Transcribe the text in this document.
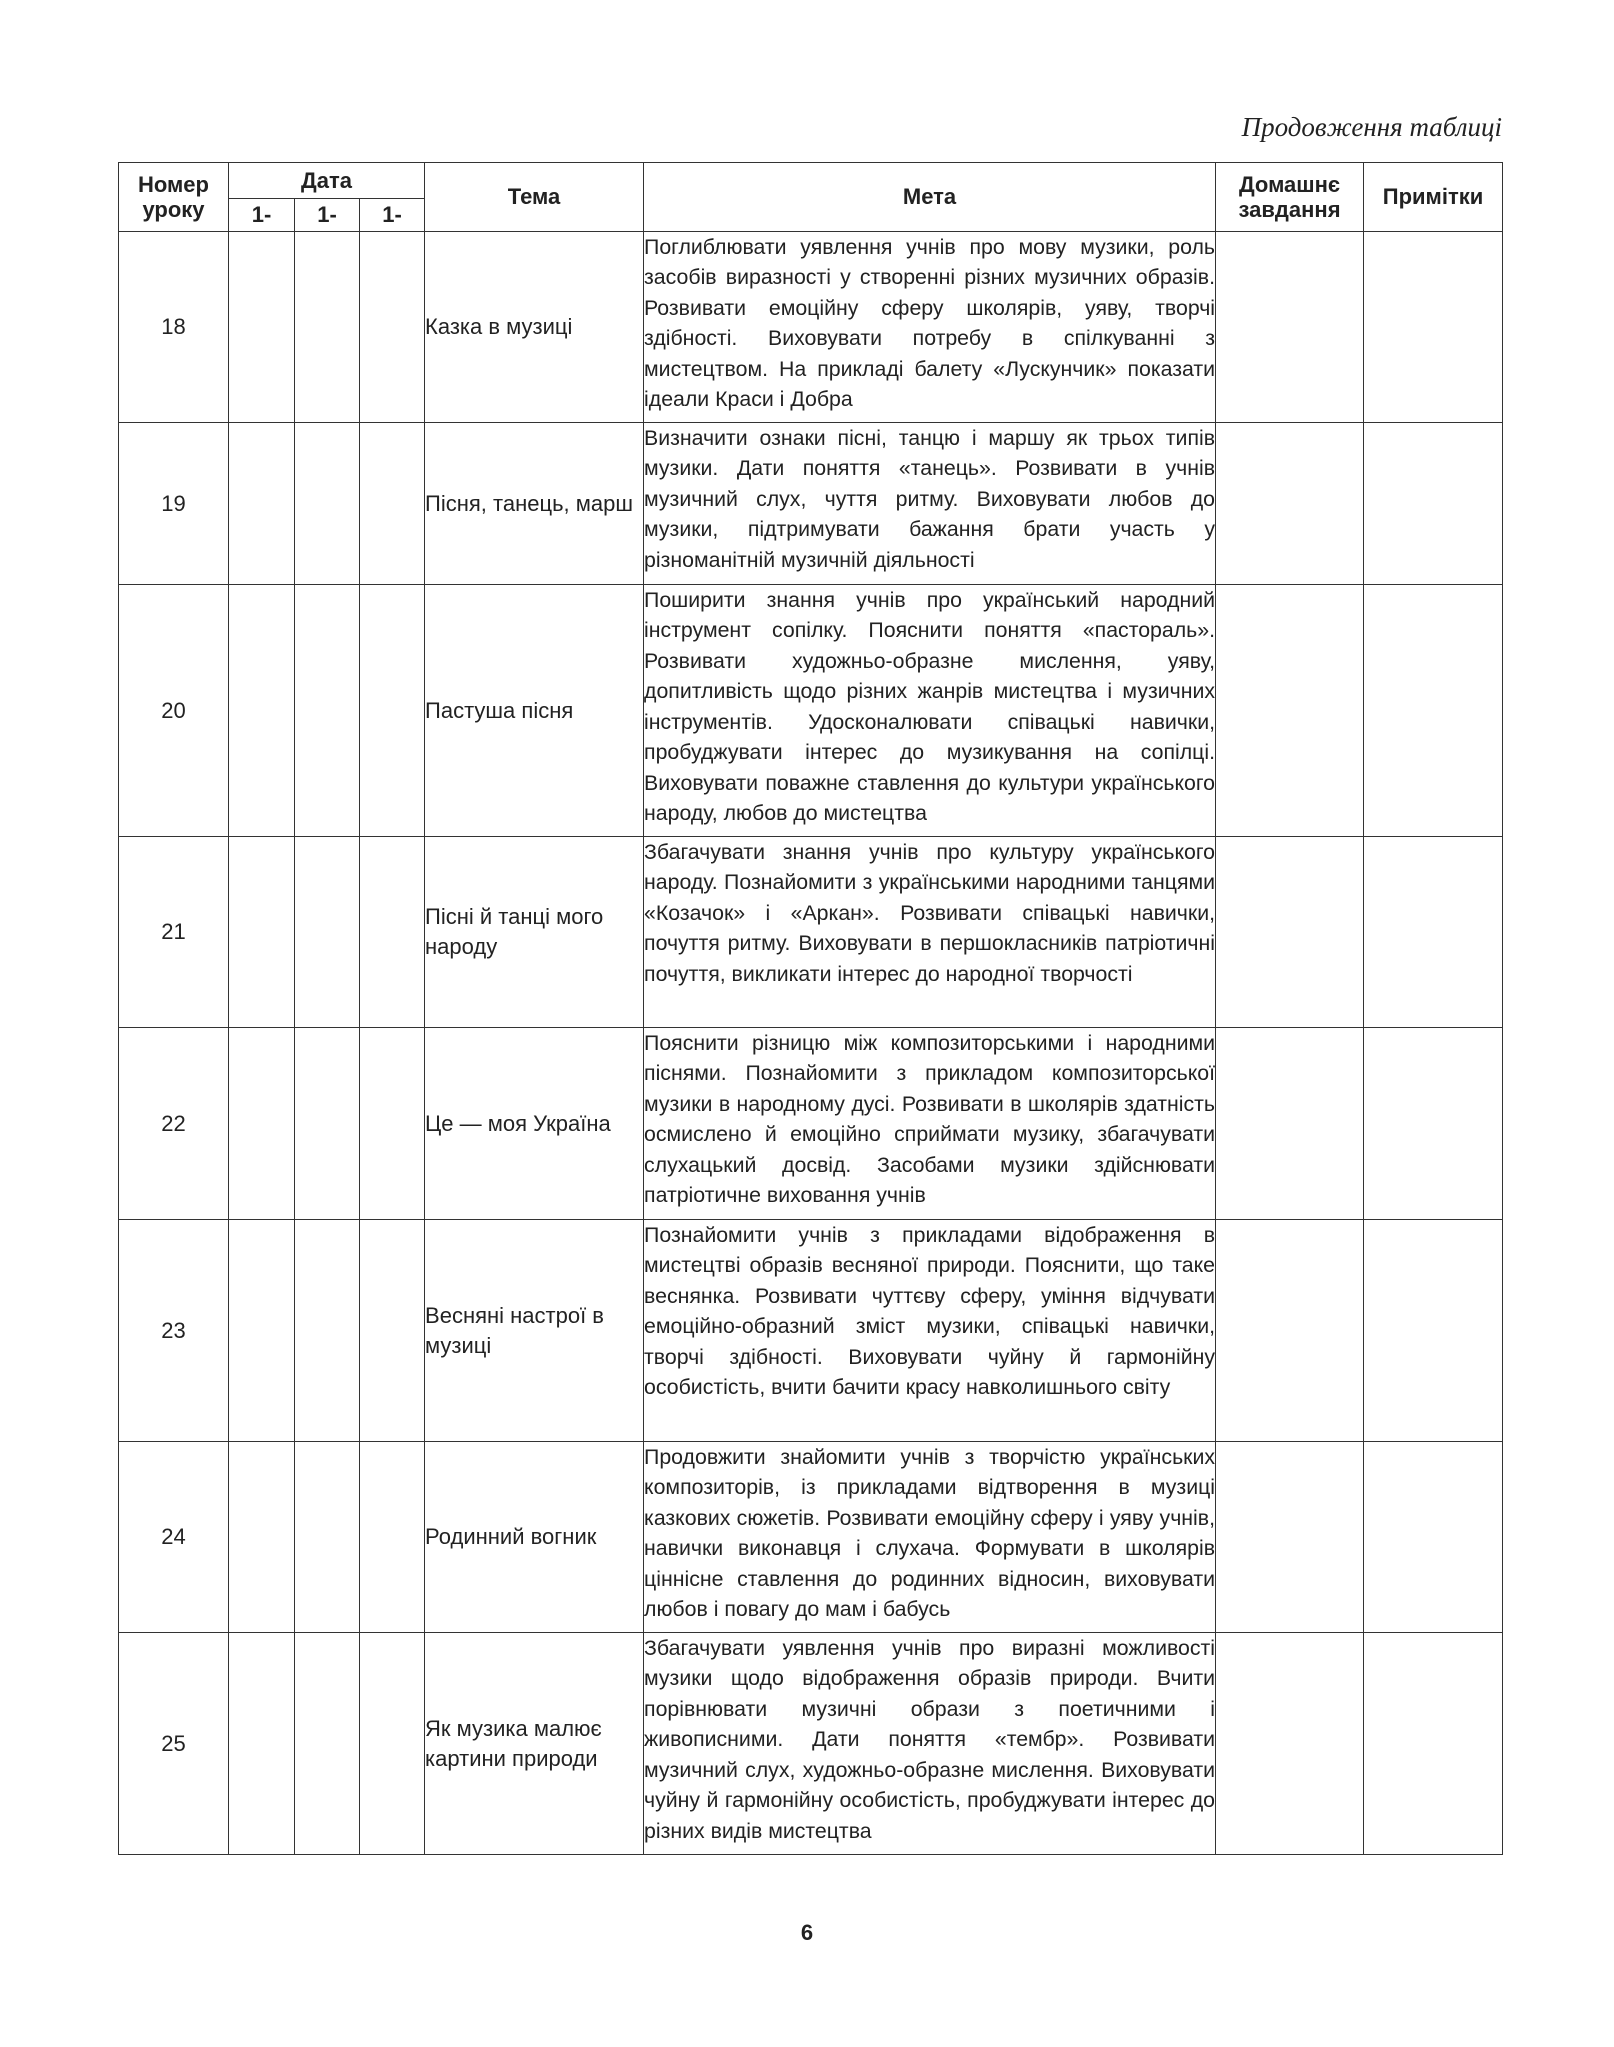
Продовження таблиці
Номер уроку	Дата			Тема	Мета	Домашнє завдання	Примітки
	1-	1-	1-				
18				Казка в музиці	Поглиблювати уявлення учнів про мову музики, роль засобів виразності у створенні різних музичних образів. Розвивати емоційну сферу школярів, уяву, творчі здібності. Виховувати потребу в спілкуванні з мистецтвом. На прикладі балету «Лускунчик» показати ідеали Краси і Добра		
19				Пісня, танець, марш	Визначити ознаки пісні, танцю і маршу як трьох типів музики. Дати поняття «танець». Розвивати в учнів музичний слух, чуття ритму. Виховувати любов до музики, підтримувати бажання брати участь у різноманітній музичній діяльності		
20				Пастуша пісня	Поширити знання учнів про український народний інструмент сопілку. Пояснити поняття «пастораль». Розвивати художньо-образне мислення, уяву, допитливість щодо різних жанрів мистецтва і музичних інструментів. Удосконалювати співацькі навички, пробуджувати інтерес до музикування на сопілці. Виховувати поважне ставлення до культури українського народу, любов до мистецтва		
21				Пісні й танці мого народу	Збагачувати знання учнів про культуру українського народу. Познайомити з українськими народними танцями «Козачок» і «Аркан». Розвивати співацькі навички, почуття ритму. Виховувати в першокласників патріотичні почуття, викликати інтерес до народної творчості		
22				Це — моя Україна	Пояснити різницю між композиторськими і народними піснями. Познайомити з прикладом композиторської музики в народному дусі. Розвивати в школярів здатність осмислено й емоційно сприймати музику, збагачувати слухацький досвід. Засобами музики здійснювати патріотичне виховання учнів		
23				Весняні настрої в музиці	Познайомити учнів з прикладами відображення в мистецтві образів весняної природи. Пояснити, що таке веснянка. Розвивати чуттєву сферу, уміння відчувати емоційно-образний зміст музики, співацькі навички, творчі здібності. Виховувати чуйну й гармонійну особистість, вчити бачити красу навколишнього світу		
24				Родинний вогник	Продовжити знайомити учнів з творчістю українських композиторів, із прикладами відтворення в музиці казкових сюжетів. Розвивати емоційну сферу і уяву учнів, навички виконавця і слухача. Формувати в школярів ціннісне ставлення до родинних відносин, виховувати любов і повагу до мам і бабусь		
25				Як музика малює картини природи	Збагачувати уявлення учнів про виразні можливості музики щодо відображення образів природи. Вчити порівнювати музичні образи з поетичними і живописними. Дати поняття «тембр». Розвивати музичний слух, художньо-образне мислення. Виховувати чуйну й гармонійну особистість, пробуджувати інтерес до різних видів мистецтва		
6
